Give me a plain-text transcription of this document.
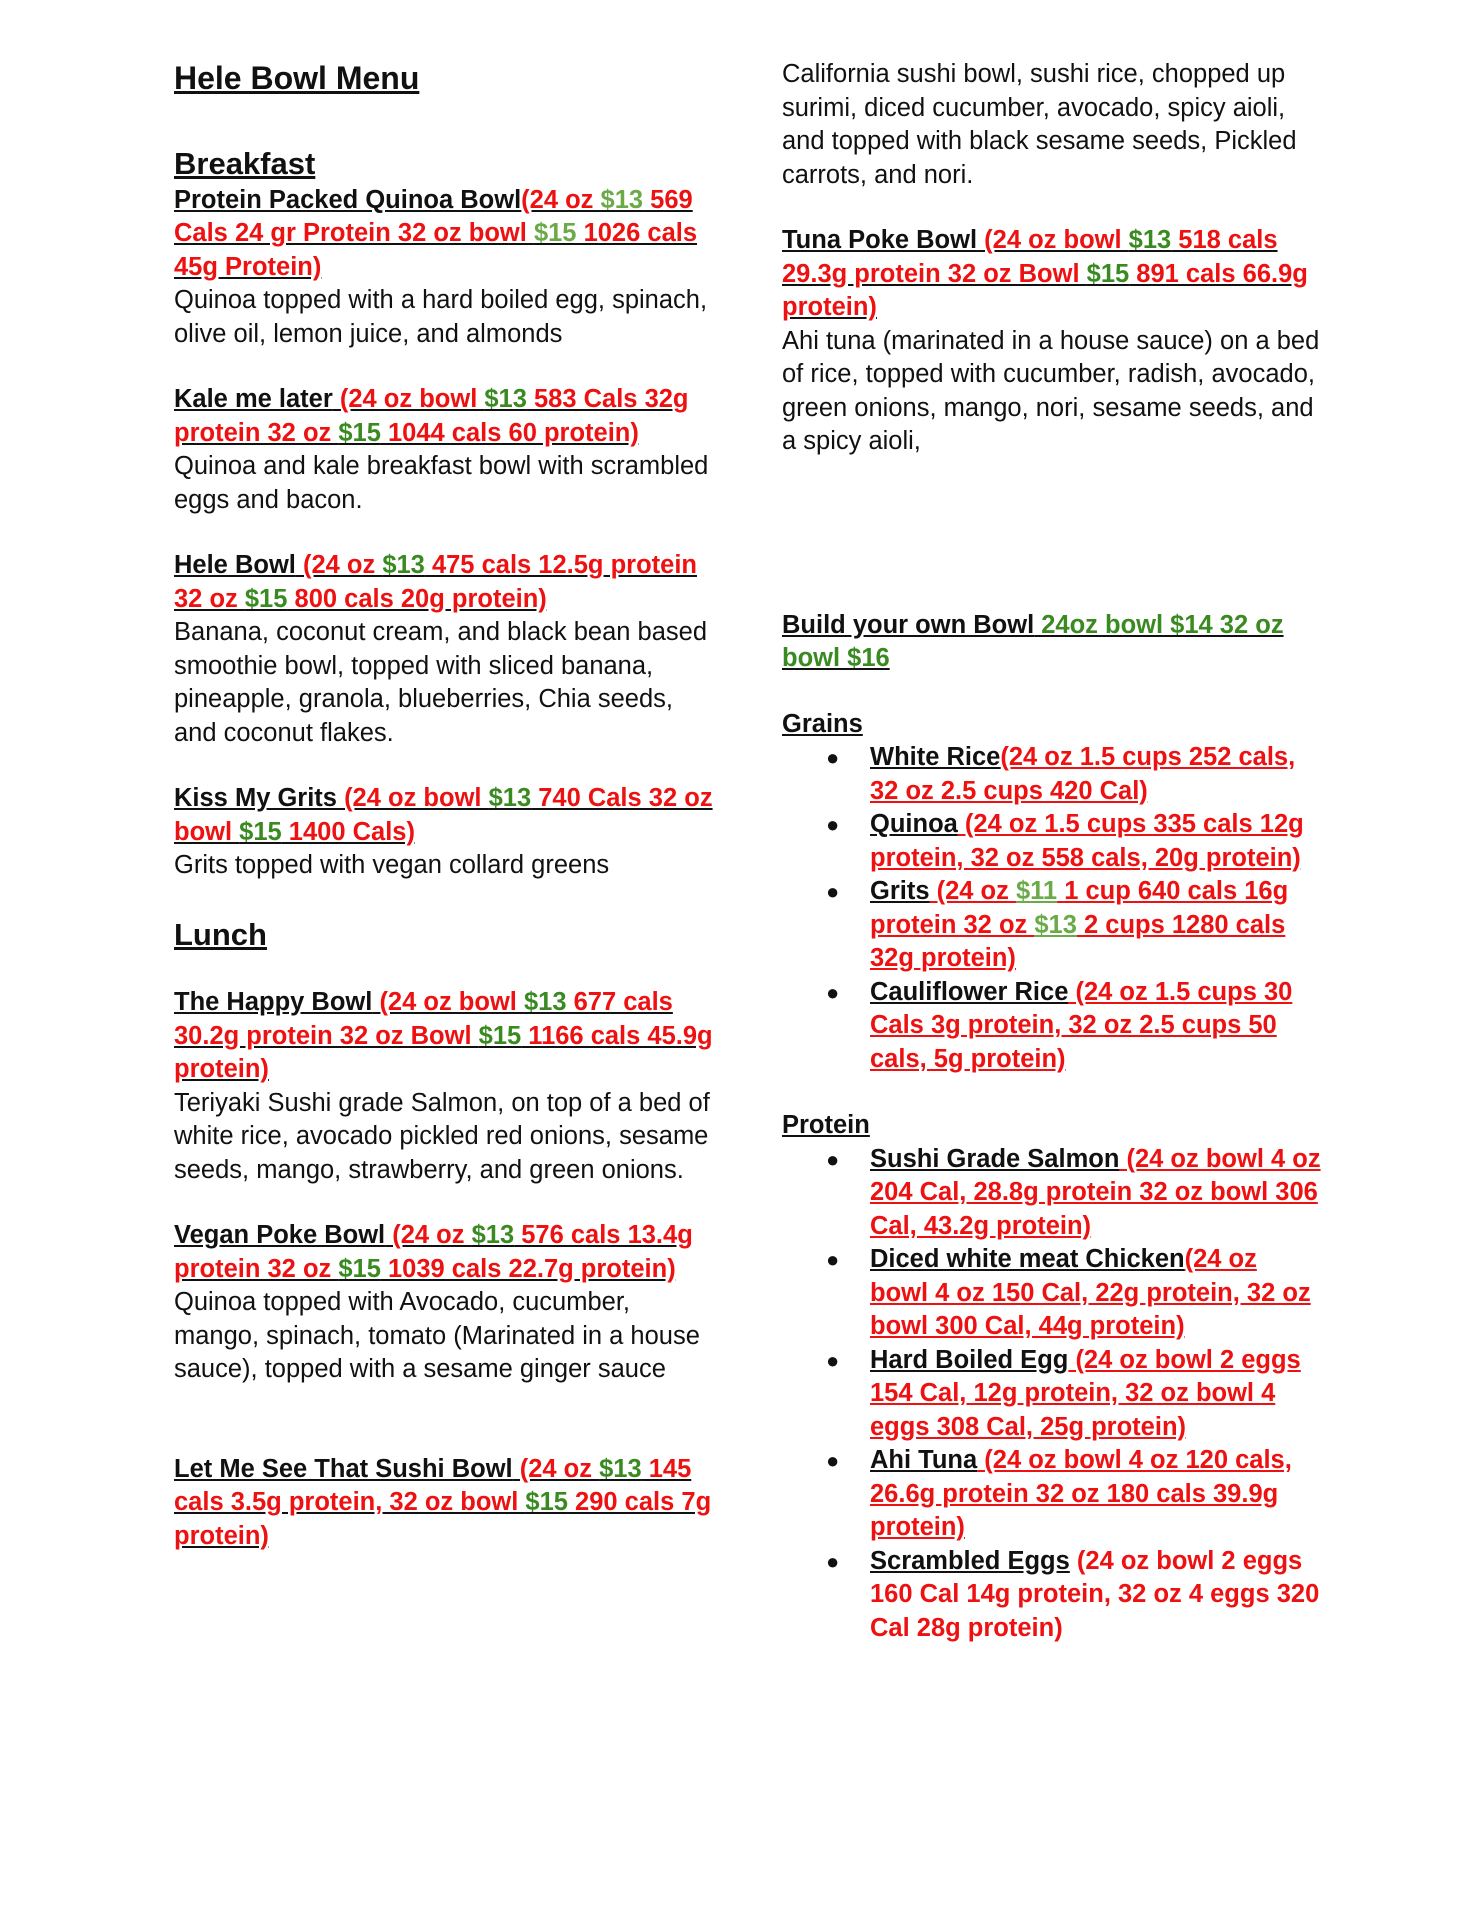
Hele Bowl Menu
Breakfast
Protein Packed Quinoa Bowl(24 oz $13 569 Cals 24 gr Protein 32 oz bowl $15 1026 cals 45g Protein)

Quinoa topped with a hard boiled egg, spinach, olive oil, lemon juice, and almonds

Kale me later (24 oz bowl $13 583 Cals 32g protein 32 oz $15 1044 cals 60 protein)

Quinoa and kale breakfast bowl with scrambled eggs and bacon.

Hele Bowl (24 oz $13 475 cals 12.5g protein 32 oz $15 800 cals 20g protein)

Banana, coconut cream, and black bean based smoothie bowl, topped with sliced banana, pineapple, granola, blueberries, Chia seeds, and coconut flakes.

Kiss My Grits (24 oz bowl $13 740 Cals 32 oz bowl $15 1400 Cals)

Grits topped with vegan collard greens

Lunch
The Happy Bowl (24 oz bowl $13 677 cals 30.2g protein 32 oz Bowl $15 1166 cals 45.9g protein)

Teriyaki Sushi grade Salmon, on top of a bed of white rice, avocado pickled red onions, sesame seeds, mango, strawberry, and green onions.

Vegan Poke Bowl (24 oz $13 576 cals 13.4g protein 32 oz $15 1039 cals 22.7g protein)

Quinoa topped with Avocado, cucumber, mango, spinach, tomato (Marinated in a house sauce), topped with a sesame ginger sauce

Let Me See That Sushi Bowl (24 oz $13 145 cals 3.5g protein, 32 oz bowl $15 290 cals 7g protein)

California sushi bowl, sushi rice, chopped up surimi, diced cucumber, avocado, spicy aioli, and topped with black sesame seeds, Pickled carrots, and nori.

Tuna Poke Bowl (24 oz bowl $13 518 cals 29.3g protein 32 oz Bowl $15 891 cals 66.9g protein)

Ahi tuna (marinated in a house sauce) on a bed of rice, topped with cucumber, radish, avocado, green onions, mango, nori, sesame seeds, and a spicy aioli,

Build your own Bowl 24oz bowl $14 32 oz bowl $16
Grains
● White Rice(24 oz 1.5 cups 252 cals, 32 oz 2.5 cups 420 Cal)
● Quinoa (24 oz 1.5 cups 335 cals 12g protein, 32 oz 558 cals, 20g protein)
● Grits (24 oz $11 1 cup 640 cals 16g protein 32 oz $13 2 cups 1280 cals 32g protein)
● Cauliflower Rice (24 oz 1.5 cups 30 Cals 3g protein, 32 oz 2.5 cups 50 cals, 5g protein)
Protein
● Sushi Grade Salmon (24 oz bowl 4 oz 204 Cal, 28.8g protein 32 oz bowl 306 Cal, 43.2g protein)
● Diced white meat Chicken(24 oz bowl 4 oz 150 Cal, 22g protein, 32 oz bowl 300 Cal, 44g protein)
● Hard Boiled Egg (24 oz bowl 2 eggs 154 Cal, 12g protein, 32 oz bowl 4 eggs 308 Cal, 25g protein)
● Ahi Tuna (24 oz bowl 4 oz 120 cals, 26.6g protein 32 oz 180 cals 39.9g protein)
● Scrambled Eggs (24 oz bowl 2 eggs 160 Cal 14g protein, 32 oz 4 eggs 320 Cal 28g protein)
